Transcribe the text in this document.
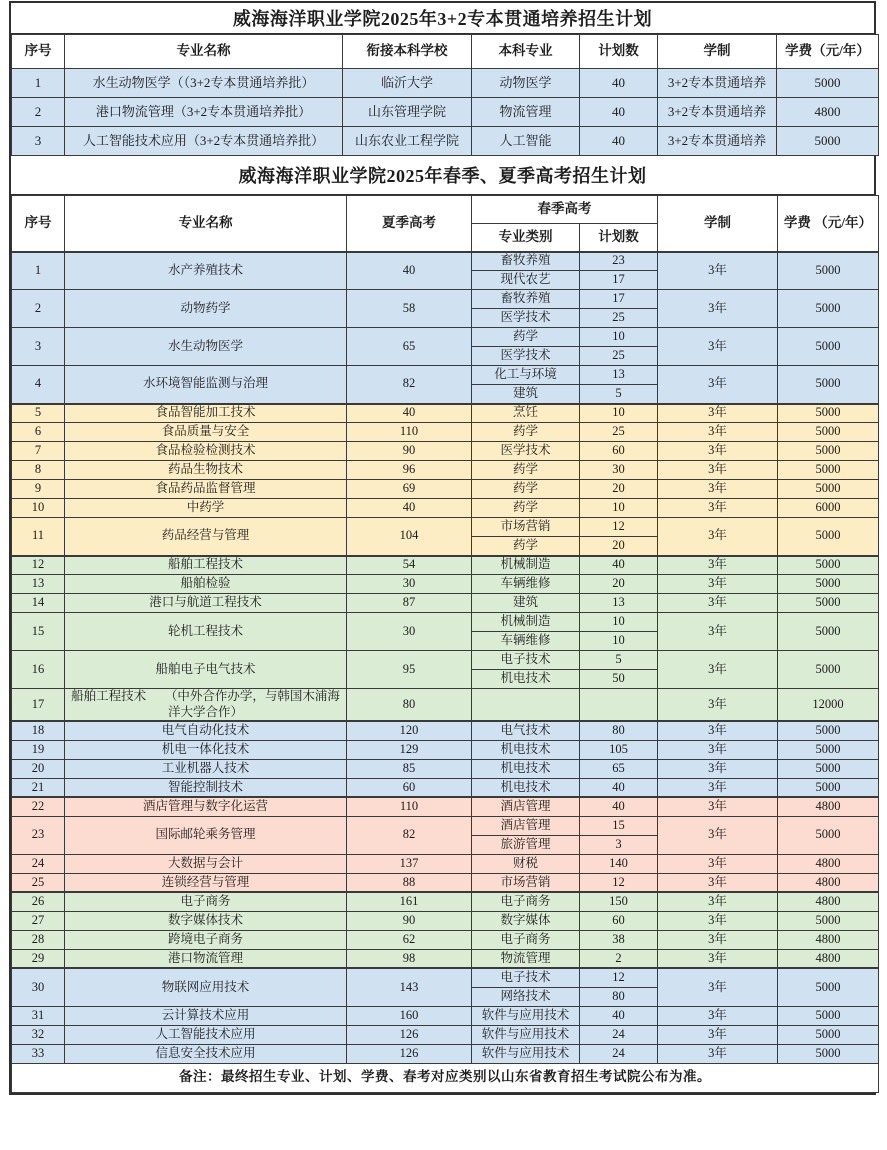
威海海洋职业学院2025年3+2专本贯通培养招生计划
序号	专业名称	衔接本科学校	本科专业	计划数	学制	学费（元/年）
1	水生动物医学（（3+2专本贯通培养批）	临沂大学	动物医学	40	3+2专本贯通培养	5000
2	港口物流管理（3+2专本贯通培养批）	山东管理学院	物流管理	40	3+2专本贯通培养	4800
3	人工智能技术应用（3+2专本贯通培养批）	山东农业工程学院	人工智能	40	3+2专本贯通培养	5000
威海海洋职业学院2025年春季、夏季高考招生计划
序号	专业名称	夏季高考	春季高考		学制	学费 （元/年）
			专业类别	计划数		
1	水产养殖技术	40	畜牧养殖	23	3年	5000
			现代农艺	17		
2	动物药学	58	畜牧养殖	17	3年	5000
			医学技术	25		
3	水生动物医学	65	药学	10	3年	5000
			医学技术	25		
4	水环境智能监测与治理	82	化工与环境	13	3年	5000
			建筑	5		
5	食品智能加工技术	40	烹饪	10	3年	5000
6	食品质量与安全	110	药学	25	3年	5000
7	食品检验检测技术	90	医学技术	60	3年	5000
8	药品生物技术	96	药学	30	3年	5000
9	食品药品监督管理	69	药学	20	3年	5000
10	中药学	40	药学	10	3年	6000
11	药品经营与管理	104	市场营销	12	3年	5000
			药学	20		
12	船舶工程技术	54	机械制造	40	3年	5000
13	船舶检验	30	车辆维修	20	3年	5000
14	港口与航道工程技术	87	建筑	13	3年	5000
15	轮机工程技术	30	机械制造	10	3年	5000
			车辆维修	10		
16	船舶电子电气技术	95	电子技术	5	3年	5000
			机电技术	50		
17	船舶工程技术　　（中外合作办学，与韩国木浦海洋大学合作）	80			3年	12000
18	电气自动化技术	120	电气技术	80	3年	5000
19	机电一体化技术	129	机电技术	105	3年	5000
20	工业机器人技术	85	机电技术	65	3年	5000
21	智能控制技术	60	机电技术	40	3年	5000
22	酒店管理与数字化运营	110	酒店管理	40	3年	4800
23	国际邮轮乘务管理	82	酒店管理	15	3年	5000
			旅游管理	3		
24	大数据与会计	137	财税	140	3年	4800
25	连锁经营与管理	88	市场营销	12	3年	4800
26	电子商务	161	电子商务	150	3年	4800
27	数字媒体技术	90	数字媒体	60	3年	5000
28	跨境电子商务	62	电子商务	38	3年	4800
29	港口物流管理	98	物流管理	2	3年	4800
30	物联网应用技术	143	电子技术	12	3年	5000
			网络技术	80		
31	云计算技术应用	160	软件与应用技术	40	3年	5000
32	人工智能技术应用	126	软件与应用技术	24	3年	5000
33	信息安全技术应用	126	软件与应用技术	24	3年	5000
备注：最终招生专业、计划、学费、春考对应类别以山东省教育招生考试院公布为准。						
